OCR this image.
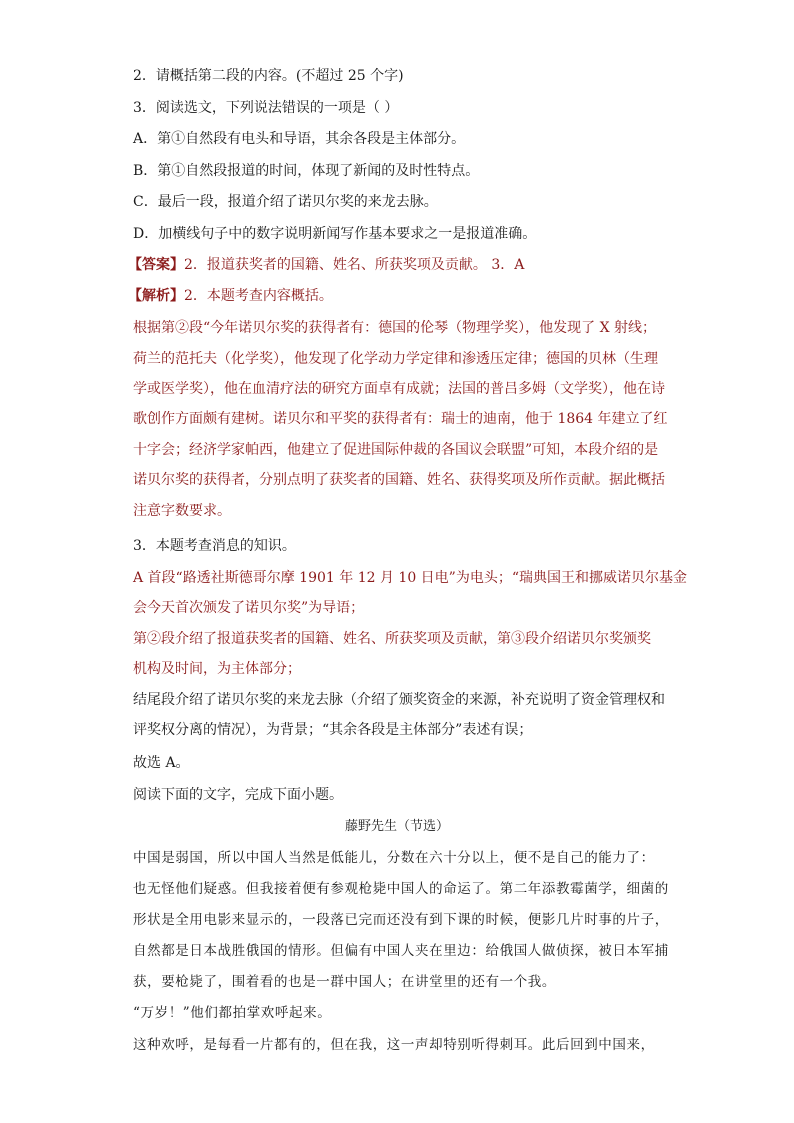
2．请概括第二段的内容。(不超过 25 个字)
3．阅读选文，下列说法错误的一项是（ ）
A．第①自然段有电头和导语，其余各段是主体部分。
B．第①自然段报道的时间，体现了新闻的及时性特点。
C．最后一段，报道介绍了诺贝尔奖的来龙去脉。
D．加横线句子中的数字说明新闻写作基本要求之一是报道准确。
【答案】2．报道获奖者的国籍、姓名、所获奖项及贡献。 3．A
【解析】2．本题考查内容概括。
根据第②段“今年诺贝尔奖的获得者有：德国的伦琴（物理学奖），他发现了 X 射线；
荷兰的范托夫（化学奖），他发现了化学动力学定律和渗透压定律；德国的贝林（生理
学或医学奖），他在血清疗法的研究方面卓有成就；法国的普吕多姆（文学奖），他在诗
歌创作方面颇有建树。诺贝尔和平奖的获得者有：瑞士的迪南，他于 1864 年建立了红
十字会；经济学家帕西，他建立了促进国际仲裁的各国议会联盟”可知，本段介绍的是
诺贝尔奖的获得者，分别点明了获奖者的国籍、姓名、获得奖项及所作贡献。据此概括
注意字数要求。
3．本题考查消息的知识。
A 首段“路透社斯德哥尔摩 1901 年 12 月 10 日电”为电头；“瑞典国王和挪威诺贝尔基金
会今天首次颁发了诺贝尔奖”为导语；
第②段介绍了报道获奖者的国籍、姓名、所获奖项及贡献，第③段介绍诺贝尔奖颁奖
机构及时间，为主体部分；
结尾段介绍了诺贝尔奖的来龙去脉（介绍了颁奖资金的来源，补充说明了资金管理权和
评奖权分离的情况），为背景；“其余各段是主体部分”表述有误；
故选 A。
阅读下面的文字，完成下面小题。
藤野先生（节选）
中国是弱国，所以中国人当然是低能儿，分数在六十分以上，便不是自己的能力了：
也无怪他们疑惑。但我接着便有参观枪毙中国人的命运了。第二年添教霉菌学，细菌的
形状是全用电影来显示的，一段落已完而还没有到下课的时候，便影几片时事的片子，
自然都是日本战胜俄国的情形。但偏有中国人夹在里边：给俄国人做侦探，被日本军捕
获，要枪毙了，围着看的也是一群中国人；在讲堂里的还有一个我。
“万岁！”他们都拍掌欢呼起来。
这种欢呼，是每看一片都有的，但在我，这一声却特别听得刺耳。此后回到中国来，
